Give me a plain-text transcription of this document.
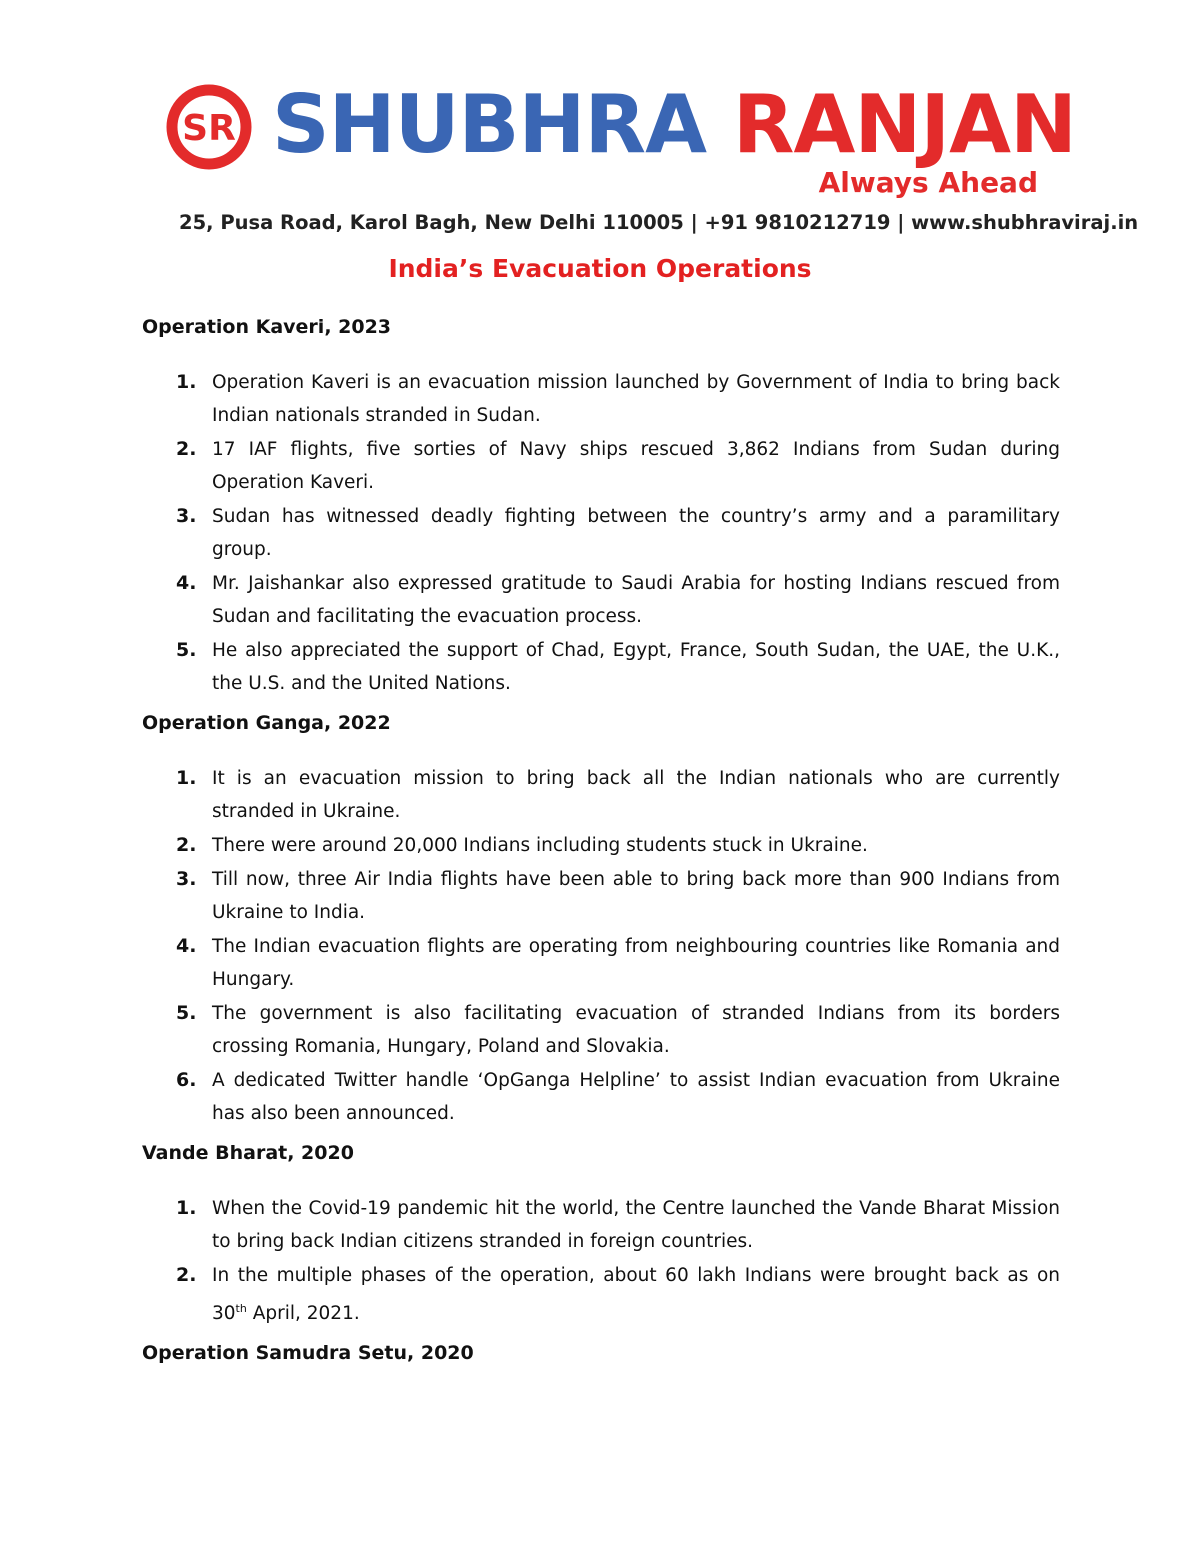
SR SHUBHRA RANJAN
Always Ahead
25, Pusa Road, Karol Bagh, New Delhi 110005 | +91 9810212719 | www.shubhraviraj.in
India’s Evacuation Operations
Operation Kaveri, 2023
1. Operation Kaveri is an evacuation mission launched by Government of India to bring back Indian nationals stranded in Sudan.
2. 17 IAF flights, five sorties of Navy ships rescued 3,862 Indians from Sudan during Operation Kaveri.
3. Sudan has witnessed deadly fighting between the country’s army and a paramilitary group.
4. Mr. Jaishankar also expressed gratitude to Saudi Arabia for hosting Indians rescued from Sudan and facilitating the evacuation process.
5. He also appreciated the support of Chad, Egypt, France, South Sudan, the UAE, the U.K., the U.S. and the United Nations.
Operation Ganga, 2022
1. It is an evacuation mission to bring back all the Indian nationals who are currently stranded in Ukraine.
2. There were around 20,000 Indians including students stuck in Ukraine.
3. Till now, three Air India flights have been able to bring back more than 900 Indians from Ukraine to India.
4. The Indian evacuation flights are operating from neighbouring countries like Romania and Hungary.
5. The government is also facilitating evacuation of stranded Indians from its borders crossing Romania, Hungary, Poland and Slovakia.
6. A dedicated Twitter handle ‘OpGanga Helpline’ to assist Indian evacuation from Ukraine has also been announced.
Vande Bharat, 2020
1. When the Covid-19 pandemic hit the world, the Centre launched the Vande Bharat Mission to bring back Indian citizens stranded in foreign countries.
2. In the multiple phases of the operation, about 60 lakh Indians were brought back as on 30th April, 2021.
Operation Samudra Setu, 2020
